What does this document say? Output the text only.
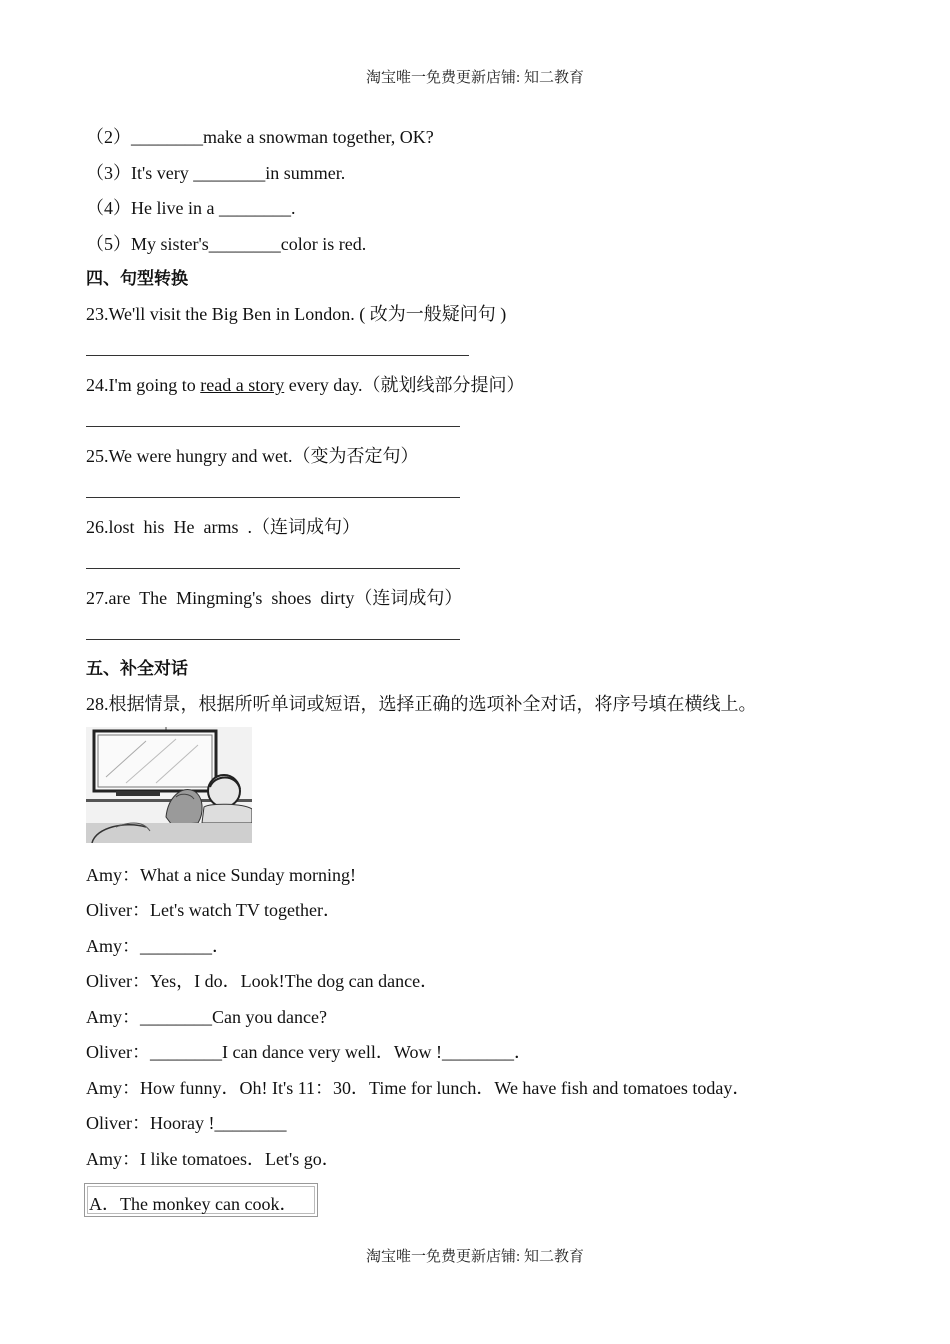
淘宝唯一免费更新店铺: 知二教育
（2）________make a snowman together, OK?
（3）It's very ________in summer.
（4）He live in a ________.
（5）My sister's________color is red.
四、句型转换
23.We'll visit the Big Ben in London. ( 改为一般疑问句 )
24.I'm going to read a story every day.（就划线部分提问）
25.We were hungry and wet.（变为否定句）
26.lost  his  He  arms  .（连词成句）
27.are  The  Mingming's  shoes  dirty（连词成句）
五、补全对话
28.根据情景，根据所听单词或短语，选择正确的选项补全对话，将序号填在横线上。
Amy：What a nice Sunday morning!
Oliver：Let's watch TV together．
Amy：________．
Oliver：Yes，I do．Look!The dog can dance．
Amy：________Can you dance?
Oliver：________I can dance very well．Wow !________．
Amy：How funny．Oh! It's 11：30．Time for lunch．We have fish and tomatoes today．
Oliver：Hooray !________
Amy：I like tomatoes．Let's go．
A．The monkey can cook．
淘宝唯一免费更新店铺: 知二教育
